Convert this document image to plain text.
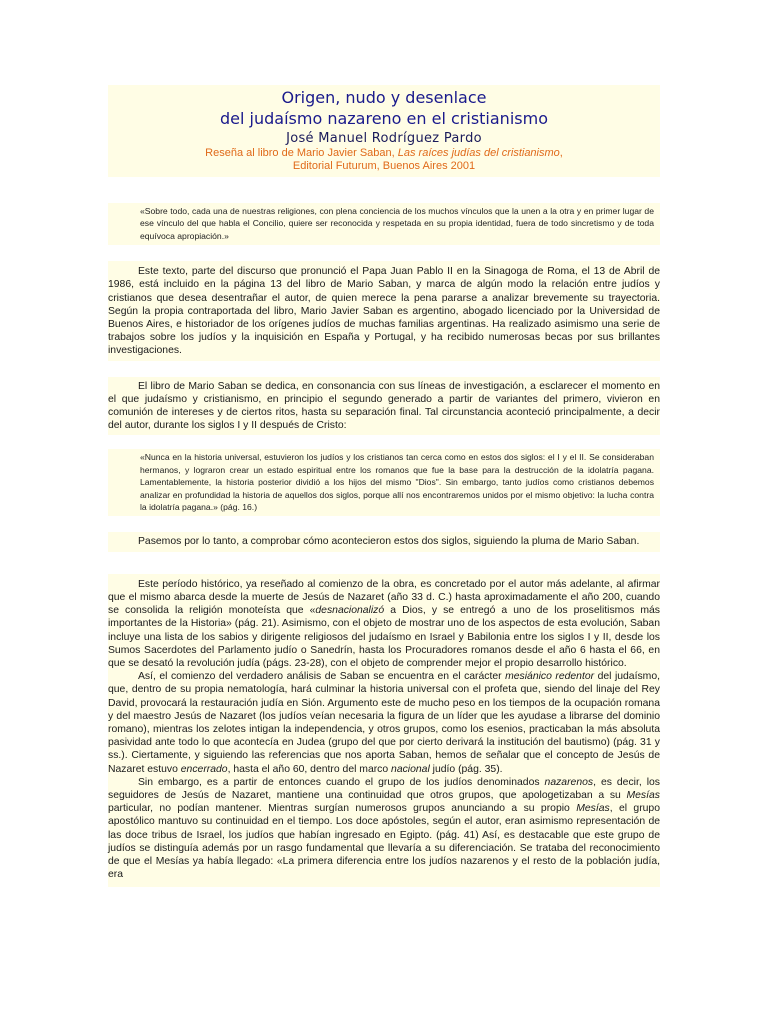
Origen, nudo y desenlace
del judaísmo nazareno en el cristianismo
José Manuel Rodríguez Pardo
Reseña al libro de Mario Javier Saban, Las raíces judías del cristianismo,
Editorial Futurum, Buenos Aires 2001
«Sobre todo, cada una de nuestras religiones, con plena conciencia de los muchos vínculos que la unen a la otra y en primer lugar de ese vínculo del que habla el Concilio, quiere ser reconocida y respetada en su propia identidad, fuera de todo sincretismo y de toda equívoca apropiación.»

Este texto, parte del discurso que pronunció el Papa Juan Pablo II en la Sinagoga de Roma, el 13 de Abril de 1986, está incluido en la página 13 del libro de Mario Saban, y marca de algún modo la relación entre judíos y cristianos que desea desentrañar el autor, de quien merece la pena pararse a analizar brevemente su trayectoria. Según la propia contraportada del libro, Mario Javier Saban es argentino, abogado licenciado por la Universidad de Buenos Aires, e historiador de los orígenes judíos de muchas familias argentinas. Ha realizado asimismo una serie de trabajos sobre los judíos y la inquisición en España y Portugal, y ha recibido numerosas becas por sus brillantes investigaciones.

El libro de Mario Saban se dedica, en consonancia con sus líneas de investigación, a esclarecer el momento en el que judaísmo y cristianismo, en principio el segundo generado a partir de variantes del primero, vivieron en comunión de intereses y de ciertos ritos, hasta su separación final. Tal circunstancia aconteció principalmente, a decir del autor, durante los siglos I y II después de Cristo:

«Nunca en la historia universal, estuvieron los judíos y los cristianos tan cerca como en estos dos siglos: el I y el II. Se consideraban hermanos, y lograron crear un estado espiritual entre los romanos que fue la base para la destrucción de la idolatría pagana. Lamentablemente, la historia posterior dividió a los hijos del mismo "Dios". Sin embargo, tanto judíos como cristianos debemos analizar en profundidad la historia de aquellos dos siglos, porque allí nos encontraremos unidos por el mismo objetivo: la lucha contra la idolatría pagana.» (pág. 16.)

Pasemos por lo tanto, a comprobar cómo acontecieron estos dos siglos, siguiendo la pluma de Mario Saban.

Este período histórico, ya reseñado al comienzo de la obra, es concretado por el autor más adelante, al afirmar que el mismo abarca desde la muerte de Jesús de Nazaret (año 33 d. C.) hasta aproximadamente el año 200, cuando se consolida la religión monoteísta que «desnacionalizó a Dios, y se entregó a uno de los proselitismos más importantes de la Historia» (pág. 21). Asimismo, con el objeto de mostrar uno de los aspectos de esta evolución, Saban incluye una lista de los sabios y dirigente religiosos del judaísmo en Israel y Babilonia entre los siglos I y II, desde los Sumos Sacerdotes del Parlamento judío o Sanedrín, hasta los Procuradores romanos desde el año 6 hasta el 66, en que se desató la revolución judía (págs. 23-28), con el objeto de comprender mejor el propio desarrollo histórico.

Así, el comienzo del verdadero análisis de Saban se encuentra en el carácter mesiánico redentor del judaísmo, que, dentro de su propia nematología, hará culminar la historia universal con el profeta que, siendo del linaje del Rey David, provocará la restauración judía en Sión. Argumento este de mucho peso en los tiempos de la ocupación romana y del maestro Jesús de Nazaret (los judíos veían necesaria la figura de un líder que les ayudase a librarse del dominio romano), mientras los zelotes intigan la independencia, y otros grupos, como los esenios, practicaban la más absoluta pasividad ante todo lo que acontecía en Judea (grupo del que por cierto derivará la institución del bautismo) (pág. 31 y ss.). Ciertamente, y siguiendo las referencias que nos aporta Saban, hemos de señalar que el concepto de Jesús de Nazaret estuvo encerrado, hasta el año 60, dentro del marco nacional judío (pág. 35).

Sin embargo, es a partir de entonces cuando el grupo de los judíos denominados nazarenos, es decir, los seguidores de Jesús de Nazaret, mantiene una continuidad que otros grupos, que apologetizaban a su Mesías particular, no podían mantener. Mientras surgían numerosos grupos anunciando a su propio Mesías, el grupo apostólico mantuvo su continuidad en el tiempo. Los doce apóstoles, según el autor, eran asimismo representación de las doce tribus de Israel, los judíos que habían ingresado en Egipto. (pág. 41) Así, es destacable que este grupo de judíos se distinguía además por un rasgo fundamental que llevaría a su diferenciación. Se trataba del reconocimiento de que el Mesías ya había llegado: «La primera diferencia entre los judíos nazarenos y el resto de la población judía, era
